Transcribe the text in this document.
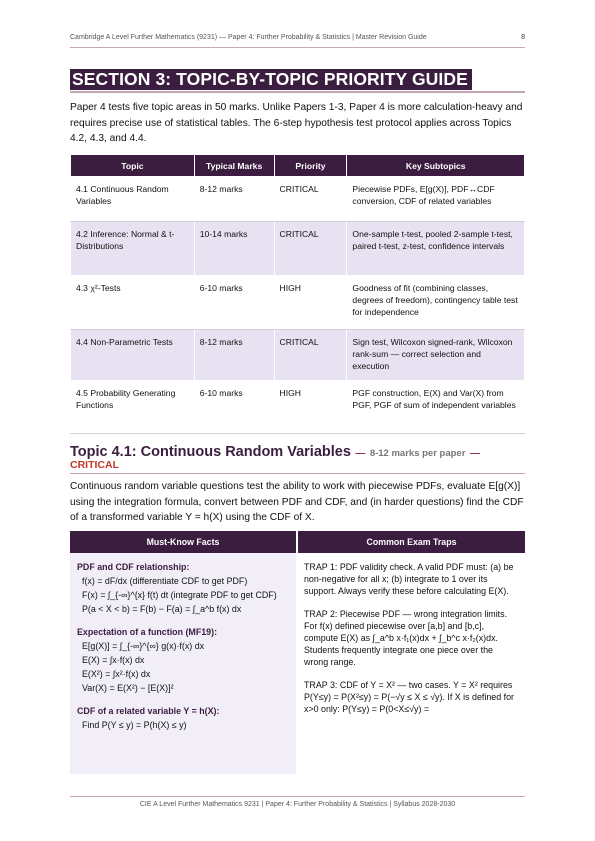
Cambridge A Level Further Mathematics (9231) — Paper 4: Further Probability & Statistics | Master Revision Guide	8
SECTION 3: TOPIC-BY-TOPIC PRIORITY GUIDE
Paper 4 tests five topic areas in 50 marks. Unlike Papers 1-3, Paper 4 is more calculation-heavy and requires precise use of statistical tables. The 6-step hypothesis test protocol applies across Topics 4.2, 4.3, and 4.4.
Topic	Typical Marks	Priority	Key Subtopics
4.1 Continuous Random Variables	8-12 marks	CRITICAL	Piecewise PDFs, E[g(X)], PDF↔CDF conversion, CDF of related variables
4.2 Inference: Normal & t-Distributions	10-14 marks	CRITICAL	One-sample t-test, pooled 2-sample t-test, paired t-test, z-test, confidence intervals
4.3 χ²-Tests	6-10 marks	HIGH	Goodness of fit (combining classes, degrees of freedom), contingency table test for independence
4.4 Non-Parametric Tests	8-12 marks	CRITICAL	Sign test, Wilcoxon signed-rank, Wilcoxon rank-sum — correct selection and execution
4.5 Probability Generating Functions	6-10 marks	HIGH	PGF construction, E(X) and Var(X) from PGF, PGF of sum of independent variables
Topic 4.1: Continuous Random Variables — 8-12 marks per paper —
CRITICAL
Continuous random variable questions test the ability to work with piecewise PDFs, evaluate E[g(X)] using the integration formula, convert between PDF and CDF, and (in harder questions) find the CDF of a transformed variable Y = h(X) using the CDF of X.
Must-Know Facts	Common Exam Traps
PDF and CDF relationship:
f(x) = dF/dx (differentiate CDF to get PDF)
F(x) = ∫_{-∞}^{x} f(t) dt (integrate PDF to get CDF)
P(a < X < b) = F(b) − F(a) = ∫_a^b f(x) dx
Expectation of a function (MF19):
E[g(X)] = ∫_{-∞}^{∞} g(x)·f(x) dx
E(X) = ∫x·f(x) dx
E(X²) = ∫x²·f(x) dx
Var(X) = E(X²) − [E(X)]²
CDF of a related variable Y = h(X):
Find P(Y ≤ y) = P(h(X) ≤ y)
TRAP 1: PDF validity check. A valid PDF must: (a) be non-negative for all x; (b) integrate to 1 over its support. Always verify these before calculating E(X).
TRAP 2: Piecewise PDF — wrong integration limits. For f(x) defined piecewise over [a,b] and [b,c], compute E(X) as ∫_a^b x·f₁(x)dx + ∫_b^c x·f₂(x)dx. Students frequently integrate one piece over the wrong range.
TRAP 3: CDF of Y = X² — two cases. Y = X² requires P(Y≤y) = P(X²≤y) = P(−√y ≤ X ≤ √y). If X is defined for x>0 only: P(Y≤y) = P(0<X≤√y) =
CIE A Level Further Mathematics 9231 | Paper 4: Further Probability & Statistics | Syllabus 2028-2030
